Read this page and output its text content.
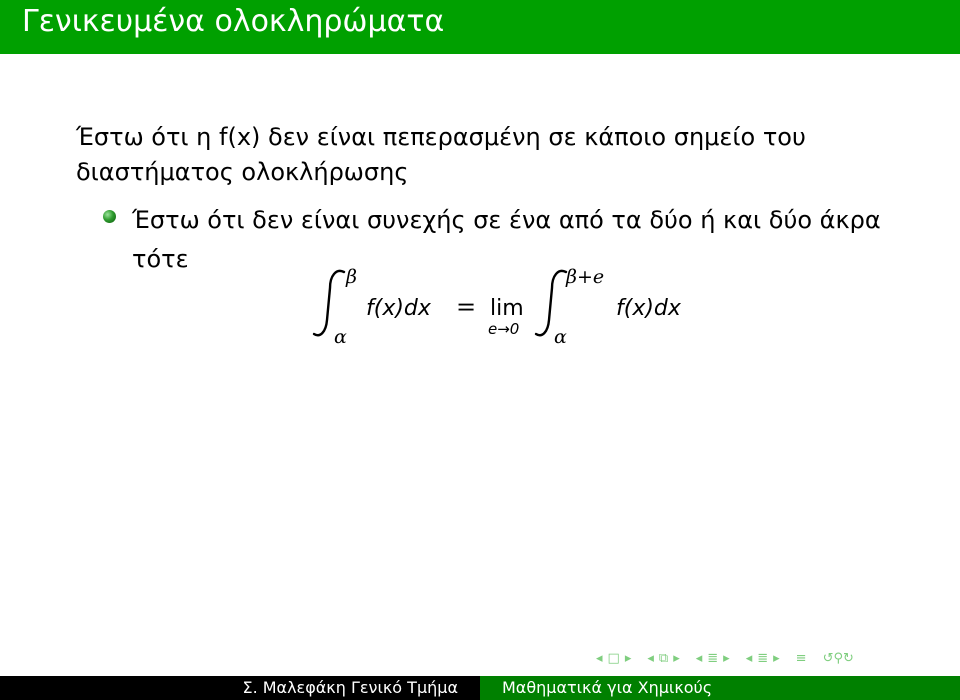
Γενικευμένα ολοκληρώματα
Έστω ότι η f(x) δεν είναι πεπερασμένη σε κάποιο σημείο του διαστήματος ολοκλήρωσης
Έστω ότι δεν είναι συνεχής σε ένα από τα δύο ή και δύο άκρα τότε
β
α
f(x)dx = lim
e→0
β+e
α
f(x)dx
◂ □ ▸ ◂ ⧉ ▸ ◂ ≣ ▸ ◂ ≣ ▸ ≡ ↺⚲↻
Σ. Μαλεφάκη Γενικό Τμήμα	Μαθηματικά για Χημικούς
